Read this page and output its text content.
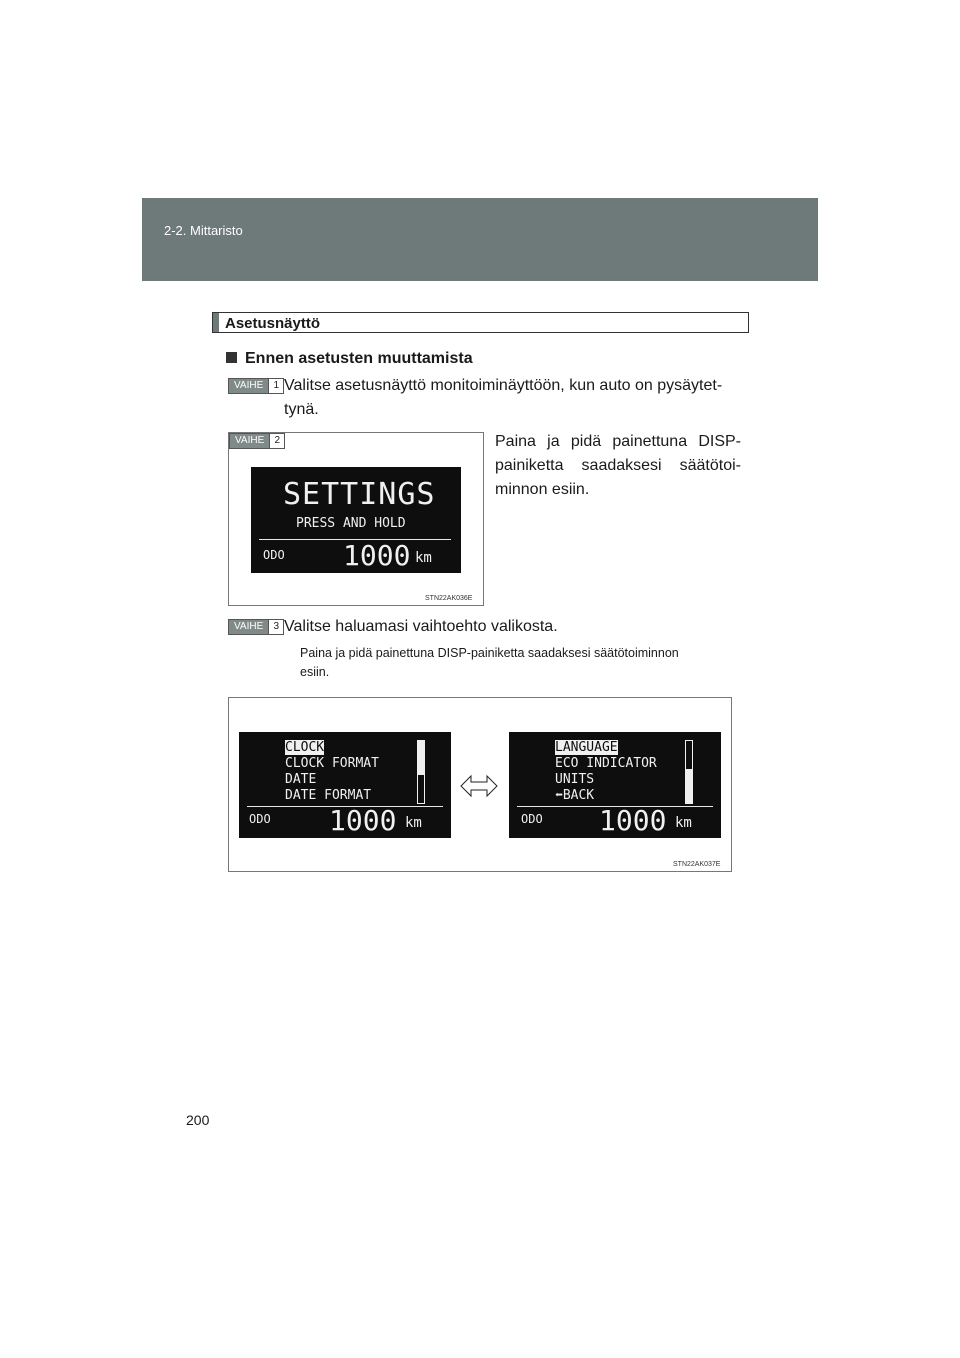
2-2. Mittaristo
Asetusnäyttö
Ennen asetusten muuttamista
VAIHE	1 Valitse asetusnäyttö monitoiminäyttöön, kun auto on pysäytet-
tynä.
VAIHE	2
SETTINGS
PRESS AND HOLD
ODO 1000 km
STN22AK036E
Paina ja pidä painettuna DISP-
painiketta saadaksesi säätötoi-
minnon esiin.
VAIHE	3 Valitse haluamasi vaihtoehto valikosta.
Paina ja pidä painettuna DISP-painiketta saadaksesi säätötoiminnon
esiin.
CLOCK
CLOCK FORMAT
DATE
DATE FORMAT
ODO 1000 km
LANGUAGE
ECO INDICATOR
UNITS
⬅BACK
ODO 1000 km
STN22AK037E
200
